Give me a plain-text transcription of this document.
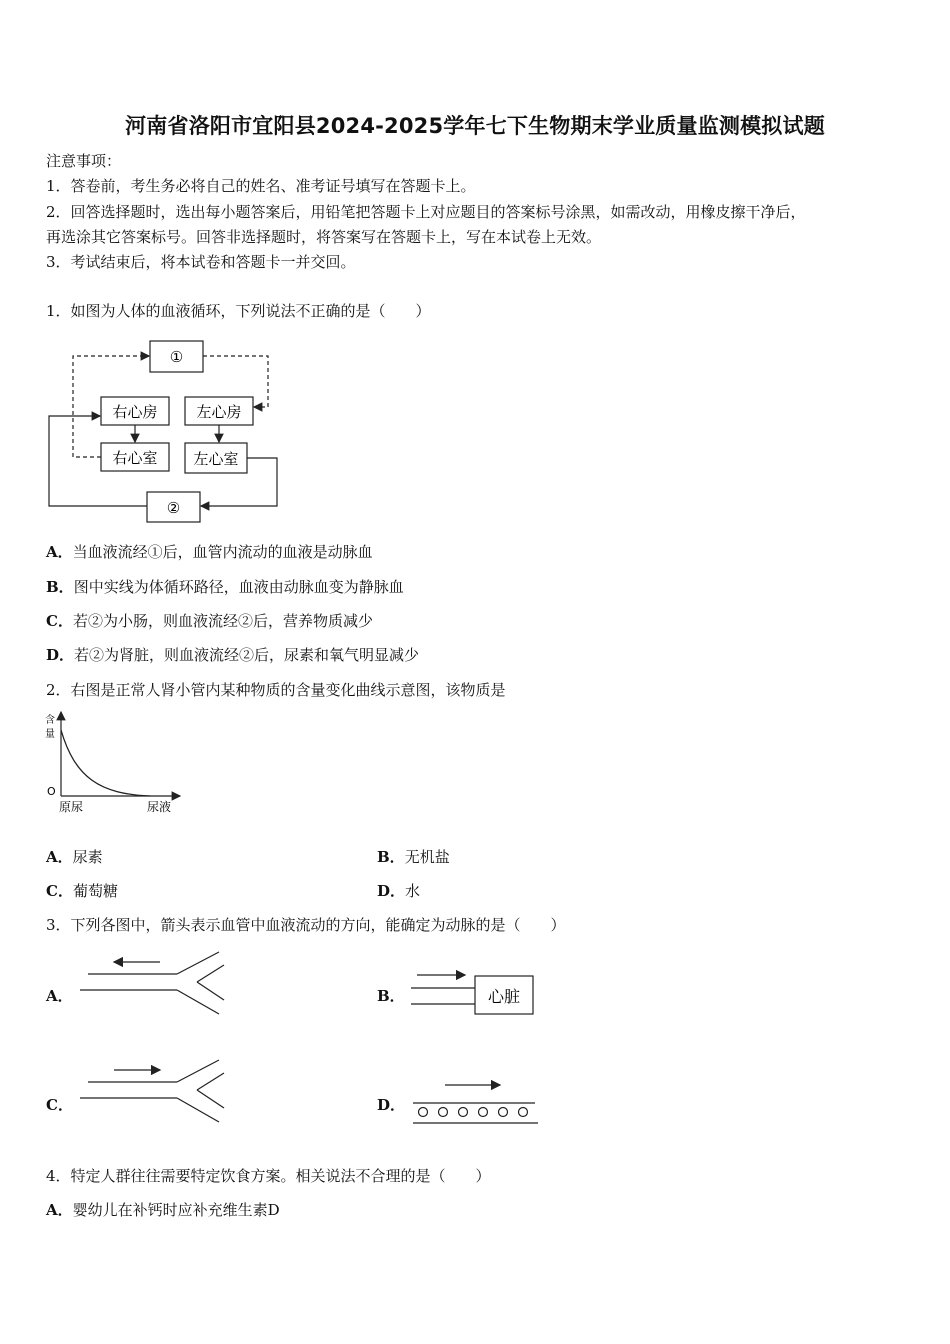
河南省洛阳市宜阳县2024-2025学年七下生物期末学业质量监测模拟试题
注意事项：
1．答卷前，考生务必将自己的姓名、准考证号填写在答题卡上。
2．回答选择题时，选出每小题答案后，用铅笔把答题卡上对应题目的答案标号涂黑，如需改动，用橡皮擦干净后，
再选涂其它答案标号。回答非选择题时，将答案写在答题卡上，写在本试卷上无效。
3．考试结束后，将本试卷和答题卡一并交回。
1．如图为人体的血液循环，下列说法不正确的是（　　）
①
右心房	左心房
右心室 左心室
②
A．当血液流经①后，血管内流动的血液是动脉血
B．图中实线为体循环路径，血液由动脉血变为静脉血
C．若②为小肠，则血液流经②后，营养物质减少
D．若②为肾脏，则血液流经②后，尿素和氧气明显减少
2．右图是正常人肾小管内某种物质的含量变化曲线示意图，该物质是
含
量
O
原尿	尿液
A．尿素	B．无机盐
C．葡萄糖	D．水
3．下列各图中，箭头表示血管中血液流动的方向，能确定为动脉的是（　　）
A．	B．	心脏
C．	D．
4．特定人群往往需要特定饮食方案。相关说法不合理的是（　　）
A．婴幼儿在补钙时应补充维生素D
